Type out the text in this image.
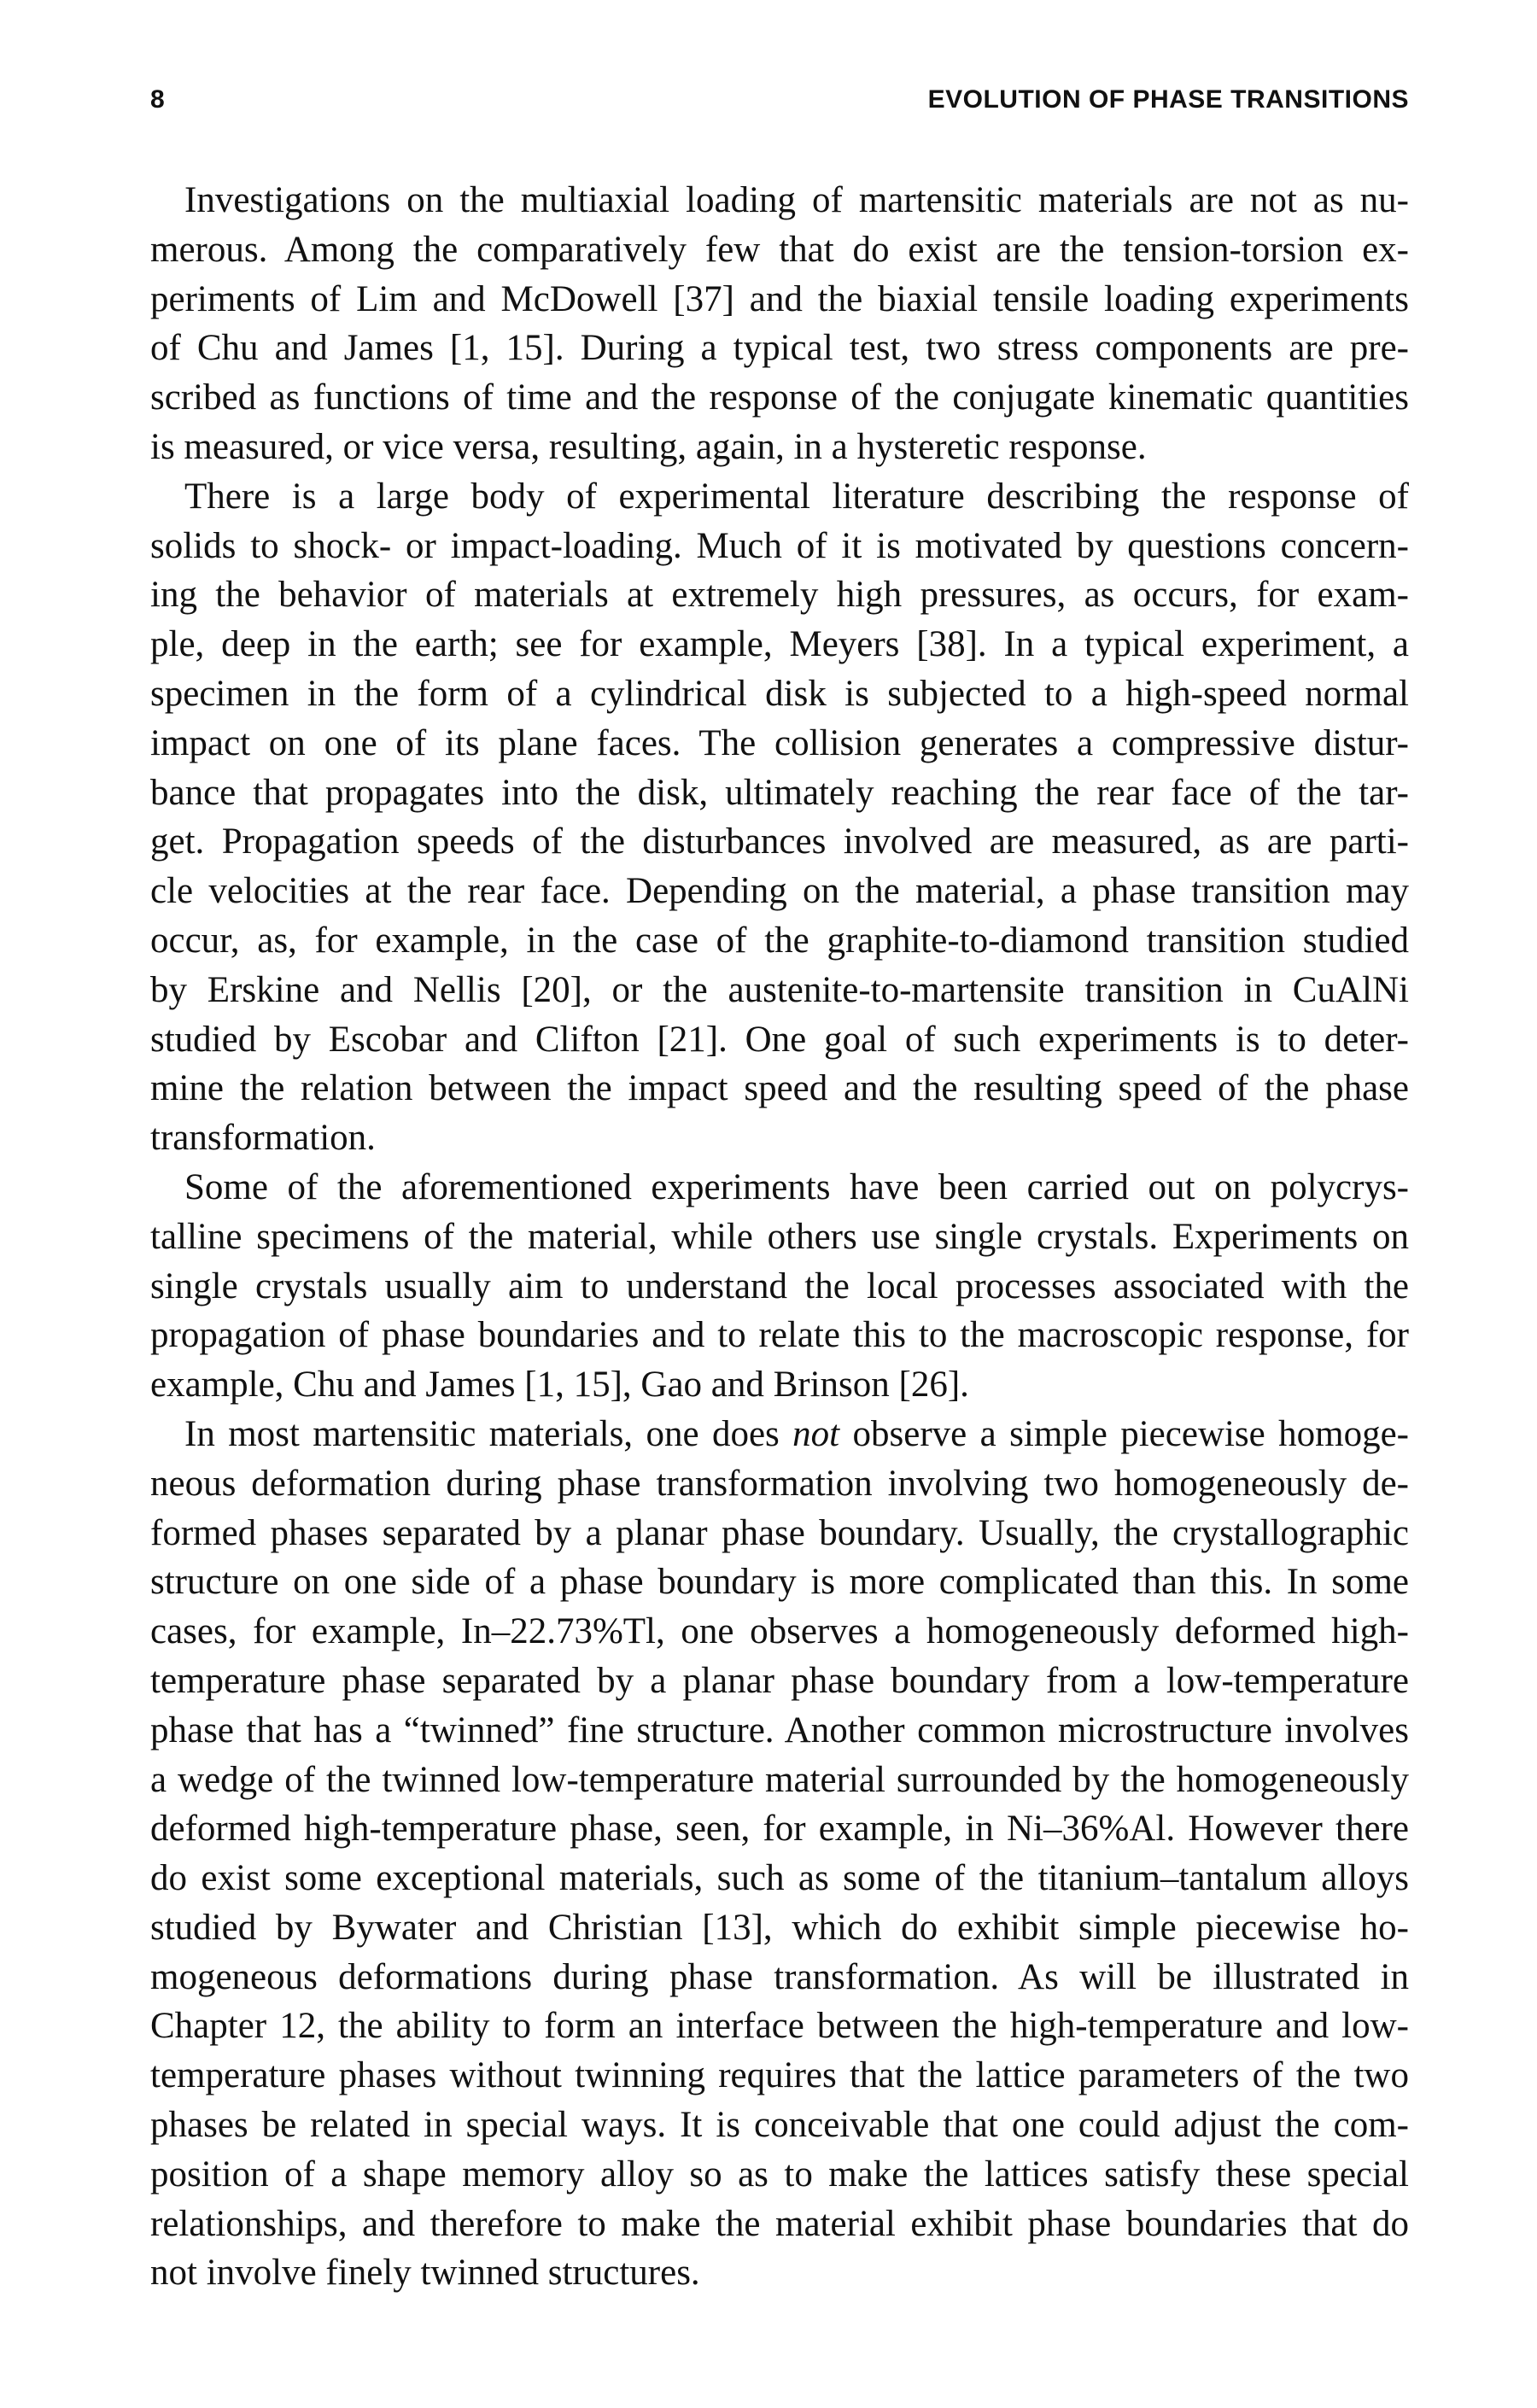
8	EVOLUTION OF PHASE TRANSITIONS
Investigations on the multiaxial loading of martensitic materials are not as nu-
merous. Among the comparatively few that do exist are the tension-torsion ex-
periments of Lim and McDowell [37] and the biaxial tensile loading experiments
of Chu and James [1, 15]. During a typical test, two stress components are pre-
scribed as functions of time and the response of the conjugate kinematic quantities
is measured, or vice versa, resulting, again, in a hysteretic response.
There is a large body of experimental literature describing the response of
solids to shock- or impact-loading. Much of it is motivated by questions concern-
ing the behavior of materials at extremely high pressures, as occurs, for exam-
ple, deep in the earth; see for example, Meyers [38]. In a typical experiment, a
specimen in the form of a cylindrical disk is subjected to a high-speed normal
impact on one of its plane faces. The collision generates a compressive distur-
bance that propagates into the disk, ultimately reaching the rear face of the tar-
get. Propagation speeds of the disturbances involved are measured, as are parti-
cle velocities at the rear face. Depending on the material, a phase transition may
occur, as, for example, in the case of the graphite-to-diamond transition studied
by Erskine and Nellis [20], or the austenite-to-martensite transition in CuAlNi
studied by Escobar and Clifton [21]. One goal of such experiments is to deter-
mine the relation between the impact speed and the resulting speed of the phase
transformation.
Some of the aforementioned experiments have been carried out on polycrys-
talline specimens of the material, while others use single crystals. Experiments on
single crystals usually aim to understand the local processes associated with the
propagation of phase boundaries and to relate this to the macroscopic response, for
example, Chu and James [1, 15], Gao and Brinson [26].
In most martensitic materials, one does not observe a simple piecewise homoge-
neous deformation during phase transformation involving two homogeneously de-
formed phases separated by a planar phase boundary. Usually, the crystallographic
structure on one side of a phase boundary is more complicated than this. In some
cases, for example, In–22.73%Tl, one observes a homogeneously deformed high-
temperature phase separated by a planar phase boundary from a low-temperature
phase that has a “twinned” fine structure. Another common microstructure involves
a wedge of the twinned low-temperature material surrounded by the homogeneously
deformed high-temperature phase, seen, for example, in Ni–36%Al. However there
do exist some exceptional materials, such as some of the titanium–tantalum alloys
studied by Bywater and Christian [13], which do exhibit simple piecewise ho-
mogeneous deformations during phase transformation. As will be illustrated in
Chapter 12, the ability to form an interface between the high-temperature and low-
temperature phases without twinning requires that the lattice parameters of the two
phases be related in special ways. It is conceivable that one could adjust the com-
position of a shape memory alloy so as to make the lattices satisfy these special
relationships, and therefore to make the material exhibit phase boundaries that do
not involve finely twinned structures.
